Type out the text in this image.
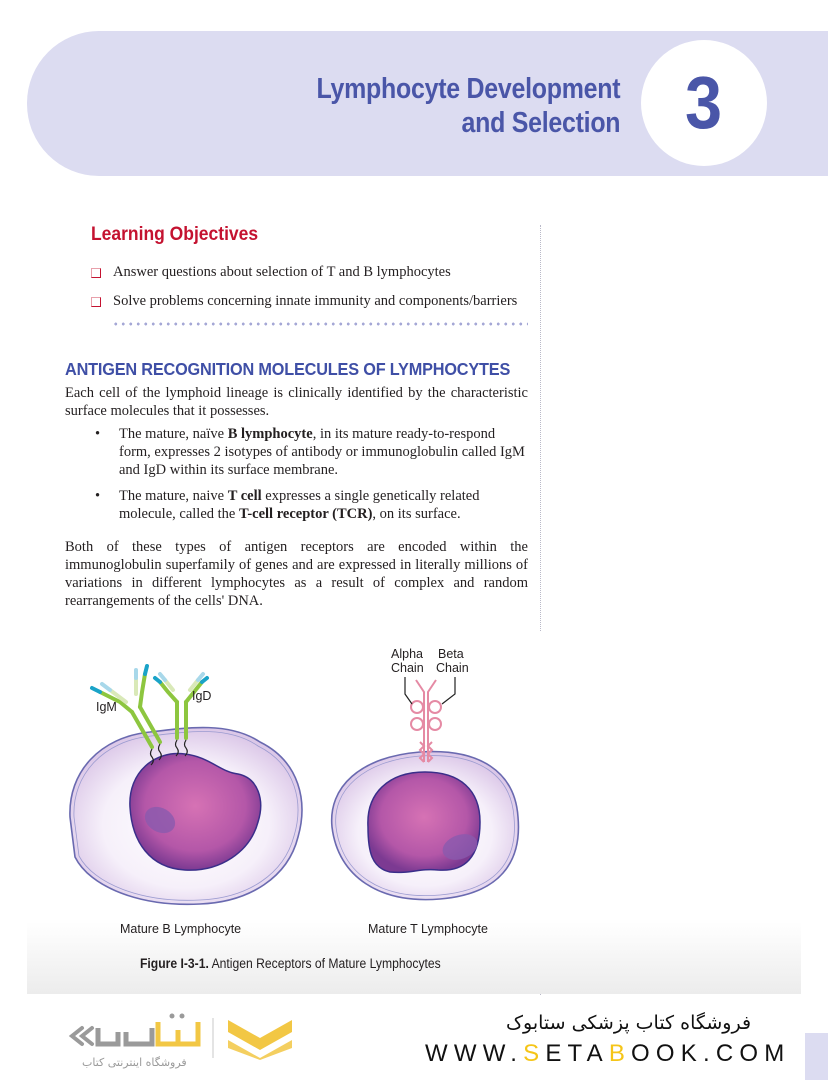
Lymphocyte Development
and Selection 3
Learning Objectives
Answer questions about selection of T and B lymphocytes
Solve problems concerning innate immunity and components/barriers
ANTIGEN RECOGNITION MOLECULES OF LYMPHOCYTES

Each cell of the lymphoid lineage is clinically identified by the characteristic surface molecules that it possesses.

• The mature, naïve B lymphocyte, in its mature ready-to-respond form, expresses 2 isotypes of antibody or immunoglobulin called IgM and IgD within its surface membrane.
• The mature, naive T cell expresses a single genetically related molecule, called the T-cell receptor (TCR), on its surface.

Both of these types of antigen receptors are encoded within the immunoglobulin superfamily of genes and are expressed in literally millions of variations in different lymphocytes as a result of complex and random rearrangements of the cells' DNA.

IgM
IgD
Alpha
Chain
Beta
Chain
Mature B Lymphocyte	Mature T Lymphocyte
Figure I-3-1. Antigen Receptors of Mature Lymphocytes
فروشگاه اینترنتی کتاب
فروشگاه کتاب پزشکی ستابوک
WWW.SETABOOK.COM
